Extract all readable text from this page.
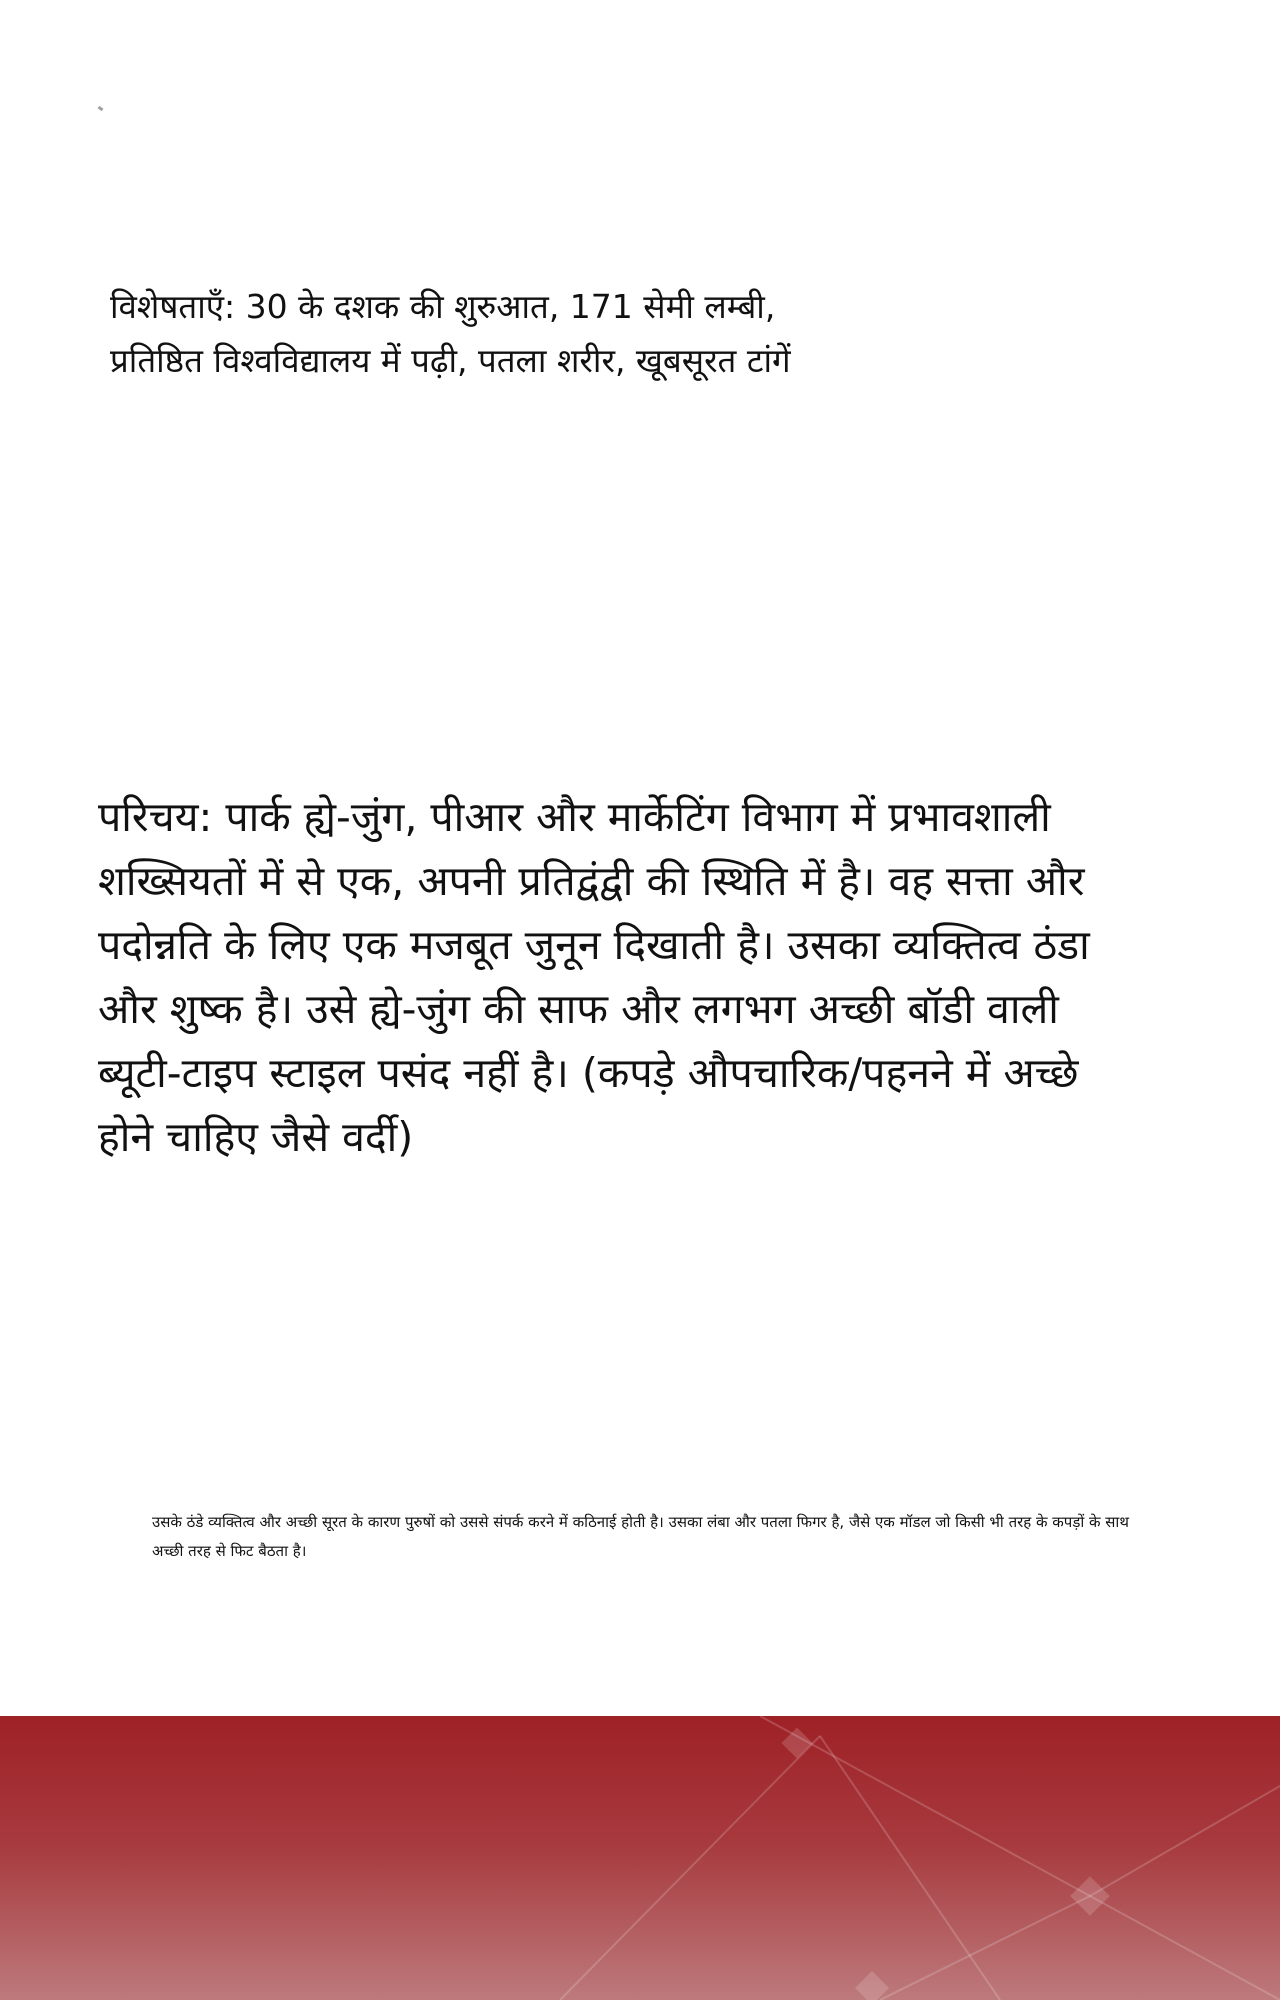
विशेषताएँ: 30 के दशक की शुरुआत, 171 सेमी लम्बी, प्रतिष्ठित विश्वविद्यालय में पढ़ी, पतला शरीर, खूबसूरत टांगें

परिचय: पार्क ह्ये-जुंग, पीआर और मार्केटिंग विभाग में प्रभावशाली शख्सियतों में से एक, अपनी प्रतिद्वंद्वी की स्थिति में है। वह सत्ता और पदोन्नति के लिए एक मजबूत जुनून दिखाती है। उसका व्यक्तित्व ठंडा और शुष्क है। उसे ह्ये-जुंग की साफ और लगभग अच्छी बॉडी वाली ब्यूटी-टाइप स्टाइल पसंद नहीं है। (कपड़े औपचारिक/पहनने में अच्छे होने चाहिए जैसे वर्दी)

उसके ठंडे व्यक्तित्व और अच्छी सूरत के कारण पुरुषों को उससे संपर्क करने में कठिनाई होती है। उसका लंबा और पतला फिगर है, जैसे एक मॉडल जो किसी भी तरह के कपड़ों के साथ अच्छी तरह से फिट बैठता है।
